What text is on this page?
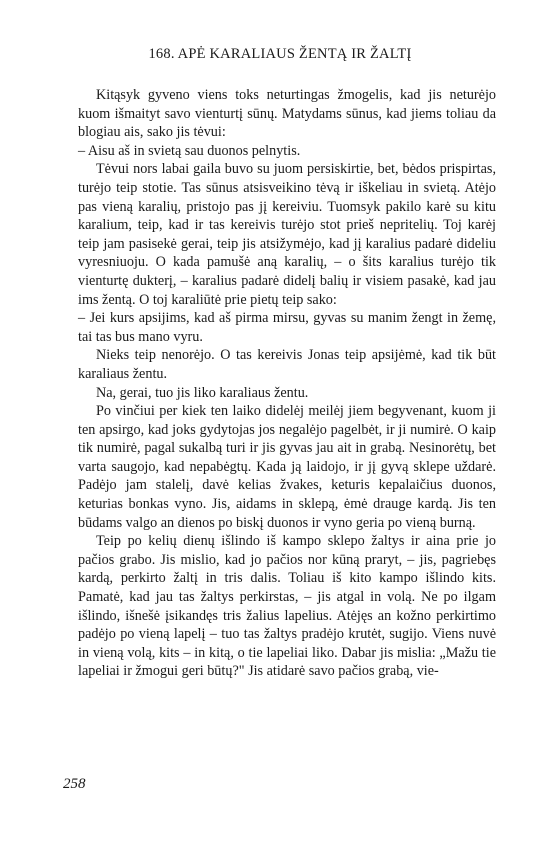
168. APĖ KARALIAUS ŽENTĄ IR ŽALTĮ

Kitąsyk gyveno viens toks neturtingas žmogelis, kad jis neturėjo kuom išmaityt savo vienturtį sūnų. Matydams sūnus, kad jiems toliau da blogiau ais, sako jis tėvui:

– Aisu aš in svietą sau duonos pelnytis.

Tėvui nors labai gaila buvo su juom persiskirtie, bet, bėdos prispirtas, turėjo teip stotie. Tas sūnus atsisveikino tėvą ir iškeliau in svietą. Atėjo pas vieną karalių, pristojo pas jį kereiviu. Tuomsyk pakilo karė su kitu karalium, teip, kad ir tas kereivis turėjo stot prieš nepritelių. Toj karėj teip jam pasisekė gerai, teip jis atsižymėjo, kad jį karalius padarė dideliu vyresniuoju. O kada pamušė aną karalių, – o šits karalius turėjo tik vienturtę dukterį, – karalius padarė didelį balių ir visiem pasakė, kad jau ims žentą. O toj karaliūtė prie pietų teip sako:

– Jei kurs apsijims, kad aš pirma mirsu, gyvas su manim žengt in žemę, tai tas bus mano vyru.

Nieks teip nenorėjo. O tas kereivis Jonas teip apsijėmė, kad tik būt karaliaus žentu.

Na, gerai, tuo jis liko karaliaus žentu.

Po vinčiui per kiek ten laiko didelėj meilėj jiem begyvenant, kuom ji ten apsirgo, kad joks gydytojas jos negalėjo pagelbėt, ir ji numirė. O kaip tik numirė, pagal sukalbą turi ir jis gyvas jau ait in grabą. Nesinorėtų, bet varta saugojo, kad nepabėgtų. Kada ją laidojo, ir jį gyvą sklepe uždarė. Padėjo jam stalelį, davė kelias žvakes, keturis kepalaičius duonos, keturias bonkas vyno. Jis, aidams in sklepą, ėmė drauge kardą. Jis ten būdams valgo an dienos po biskį duonos ir vyno geria po vieną burną.

Teip po kelių dienų išlindo iš kampo sklepo žaltys ir aina prie jo pačios grabo. Jis mislio, kad jo pačios nor kūną praryt, – jis, pagriebęs kardą, perkirto žaltį in tris dalis. Toliau iš kito kampo išlindo kits. Pamatė, kad jau tas žaltys perkirstas, – jis atgal in volą. Ne po ilgam išlindo, išnešė įsikandęs tris žalius lapelius. Atėjęs an kožno perkirtimo padėjo po vieną lapelį – tuo tas žaltys pradėjo krutėt, sugijo. Viens nuvė in vieną volą, kits – in kitą, o tie lapeliai liko. Dabar jis mislia: „Mažu tie lapeliai ir žmogui geri būtų?" Jis atidarė savo pačios grabą, vie-

258
